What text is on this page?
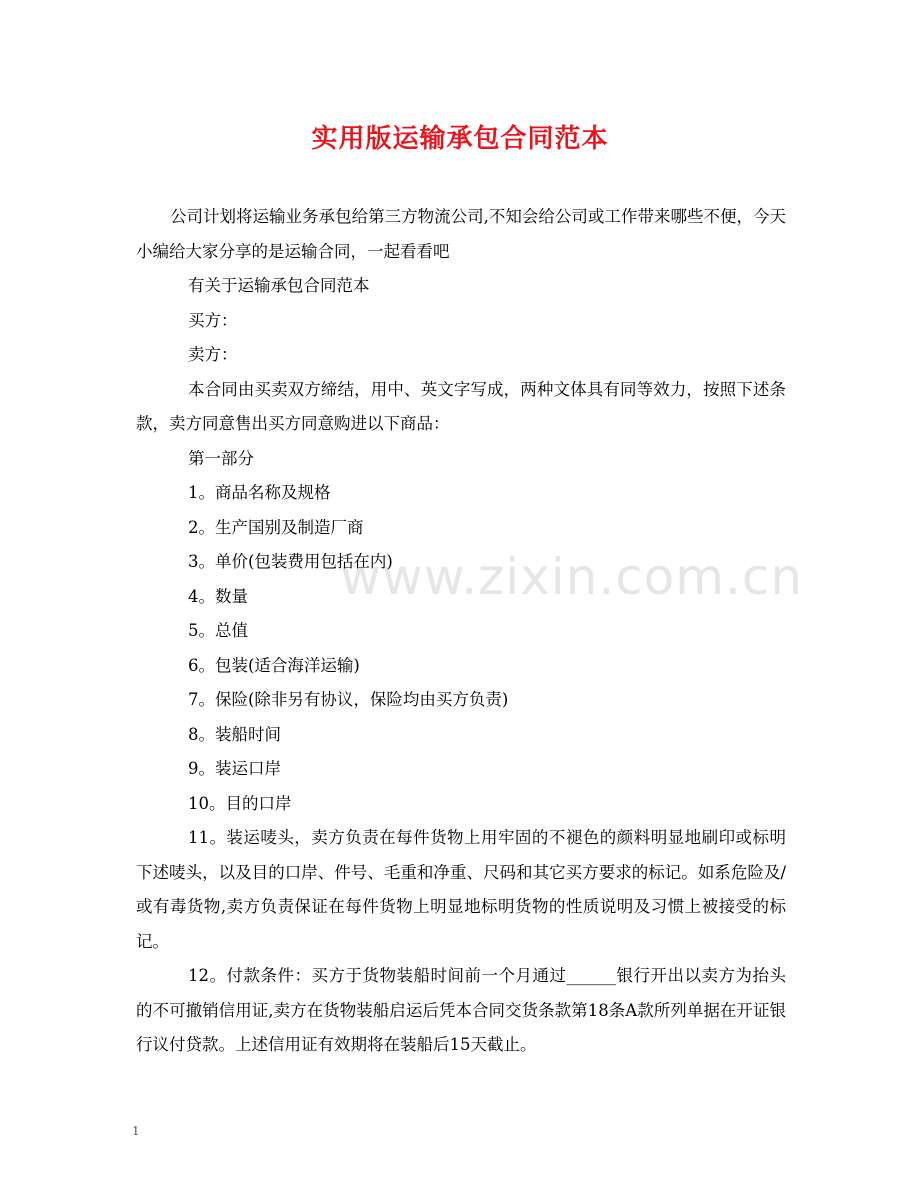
实用版运输承包合同范本
www.zixin.com.cn

公司计划将运输业务承包给第三方物流公司,不知会给公司或工作带来哪些不便，今天小编给大家分享的是运输合同，一起看看吧

有关于运输承包合同范本

买方：

卖方：

本合同由买卖双方缔结，用中、英文字写成，两种文体具有同等效力，按照下述条款，卖方同意售出买方同意购进以下商品：

第一部分

1。商品名称及规格

2。生产国别及制造厂商

3。单价(包装费用包括在内)

4。数量

5。总值

6。包装(适合海洋运输)

7。保险(除非另有协议，保险均由买方负责)

8。装船时间

9。装运口岸

10。目的口岸

11。装运唛头，卖方负责在每件货物上用牢固的不褪色的颜料明显地刷印或标明下述唛头，以及目的口岸、件号、毛重和净重、尺码和其它买方要求的标记。如系危险及/或有毒货物,卖方负责保证在每件货物上明显地标明货物的性质说明及习惯上被接受的标记。

12。付款条件：买方于货物装船时间前一个月通过______银行开出以卖方为抬头的不可撤销信用证,卖方在货物装船启运后凭本合同交货条款第18条A款所列单据在开证银行议付贷款。上述信用证有效期将在装船后15天截止。

1
